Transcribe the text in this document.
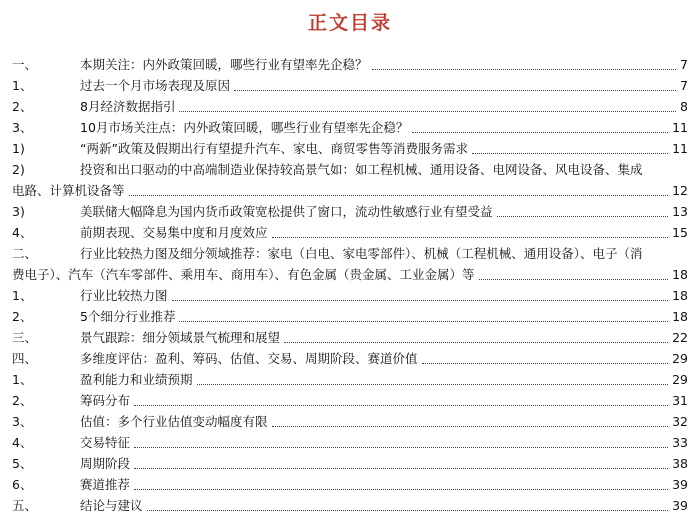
正文目录
一、	本期关注：内外政策回暖，哪些行业有望率先企稳？	7
1、	过去一个月市场表现及原因	7
2、	8月经济数据指引	8
3、	10月市场关注点：内外政策回暖，哪些行业有望率先企稳？	11
1)	“两新”政策及假期出行有望提升汽车、家电、商贸零售等消费服务需求	11
2)	投资和出口驱动的中高端制造业保持较高景气如：如工程机械、通用设备、电网设备、风电设备、集成
电路、计算机设备等	12
3)	美联储大幅降息为国内货币政策宽松提供了窗口，流动性敏感行业有望受益	13
4、	前期表现、交易集中度和月度效应	15
二、	行业比较热力图及细分领域推荐：家电（白电、家电零部件）、机械（工程机械、通用设备）、电子（消
费电子）、汽车（汽车零部件、乘用车、商用车）、有色金属（贵金属、工业金属）等	18
1、	行业比较热力图	18
2、	5个细分行业推荐	18
三、	景气跟踪：细分领域景气梳理和展望	22
四、	多维度评估：盈利、筹码、估值、交易、周期阶段、赛道价值	29
1、	盈利能力和业绩预期	29
2、	筹码分布	31
3、	估值：多个行业估值变动幅度有限	32
4、	交易特征	33
5、	周期阶段	38
6、	赛道推荐	39
五、	结论与建议	39
